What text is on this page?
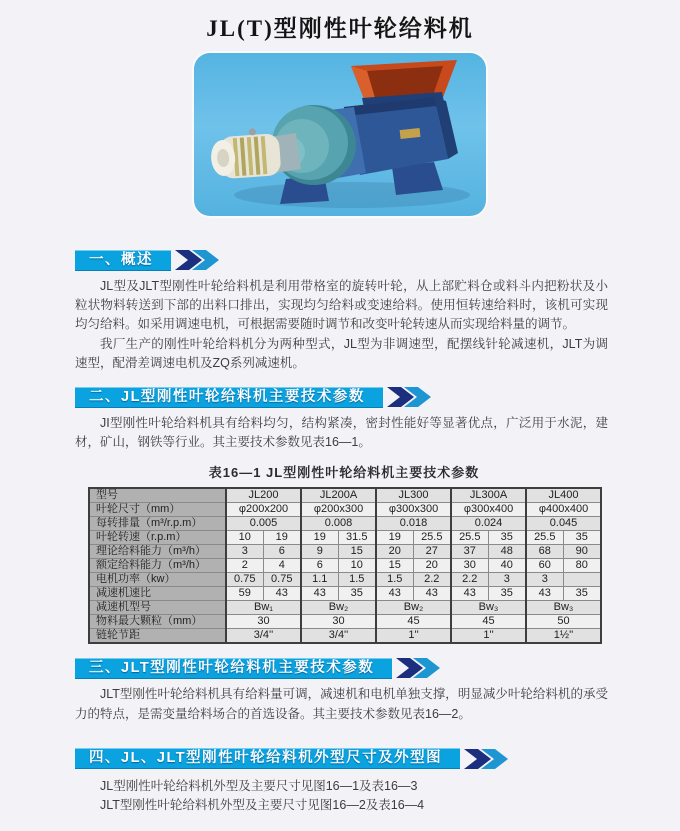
JL(T)型刚性叶轮给料机
一、概述

JL型及JLT型刚性叶轮给料机是利用带格室的旋转叶轮，从上部贮料仓或料斗内把粉状及小粒状物料转送到下部的出料口排出，实现均匀给料或变速给料。使用恒转速给料时，该机可实现均匀给料。如采用调速电机，可根据需要随时调节和改变叶轮转速从而实现给料量的调节。

我厂生产的刚性叶轮给料机分为两种型式，JL型为非调速型，配摆线针轮减速机，JLT为调速型，配滑差调速电机及ZQ系列减速机。

二、JL型刚性叶轮给料机主要技术参数

JI型刚性叶轮给料机具有给料均匀，结构紧凑，密封性能好等显著优点，广泛用于水泥，建材，矿山，钢铁等行业。其主要技术参数见表16—1。

表16—1 JL型刚性叶轮给料机主要技术参数
型号	JL200		JL200A		JL300		JL300A		JL400	
叶轮尺寸（mm）	φ200x200		φ200x300		φ300x300		φ300x400		φ400x400	
每转排量（m³/r.p.m）	0.005		0.008		0.018		0.024		0.045	
叶轮转速（r.p.m）	10	19	19	31.5	19	25.5	25.5	35	25.5	35
理论给料能力（m³/h）	3	6	9	15	20	27	37	48	68	90
额定给料能力（m³/h）	2	4	6	10	15	20	30	40	60	80
电机功率（kw）	0.75	0.75	1.1	1.5	1.5	2.2	2.2	3	3	
减速机速比	59	43	43	35	43	43	43	35	43	35
减速机型号	Bw₁		Bw₂		Bw₂		Bw₃		Bw₃	
物料最大颗粒（mm）	30		30		45		45		50	
链轮节距	3/4''		3/4''		1''		1''		1½''	
三、JLT型刚性叶轮给料机主要技术参数

JLT型刚性叶轮给料机具有给料量可调，减速机和电机单独支撑，明显减少叶轮给料机的承受力的特点，是需变量给料场合的首选设备。其主要技术参数见表16—2。

四、JL、JLT型刚性叶轮给料机外型尺寸及外型图

JL型刚性叶轮给料机外型及主要尺寸见图16—1及表16—3

JLT型刚性叶轮给料机外型及主要尺寸见图16—2及表16—4
